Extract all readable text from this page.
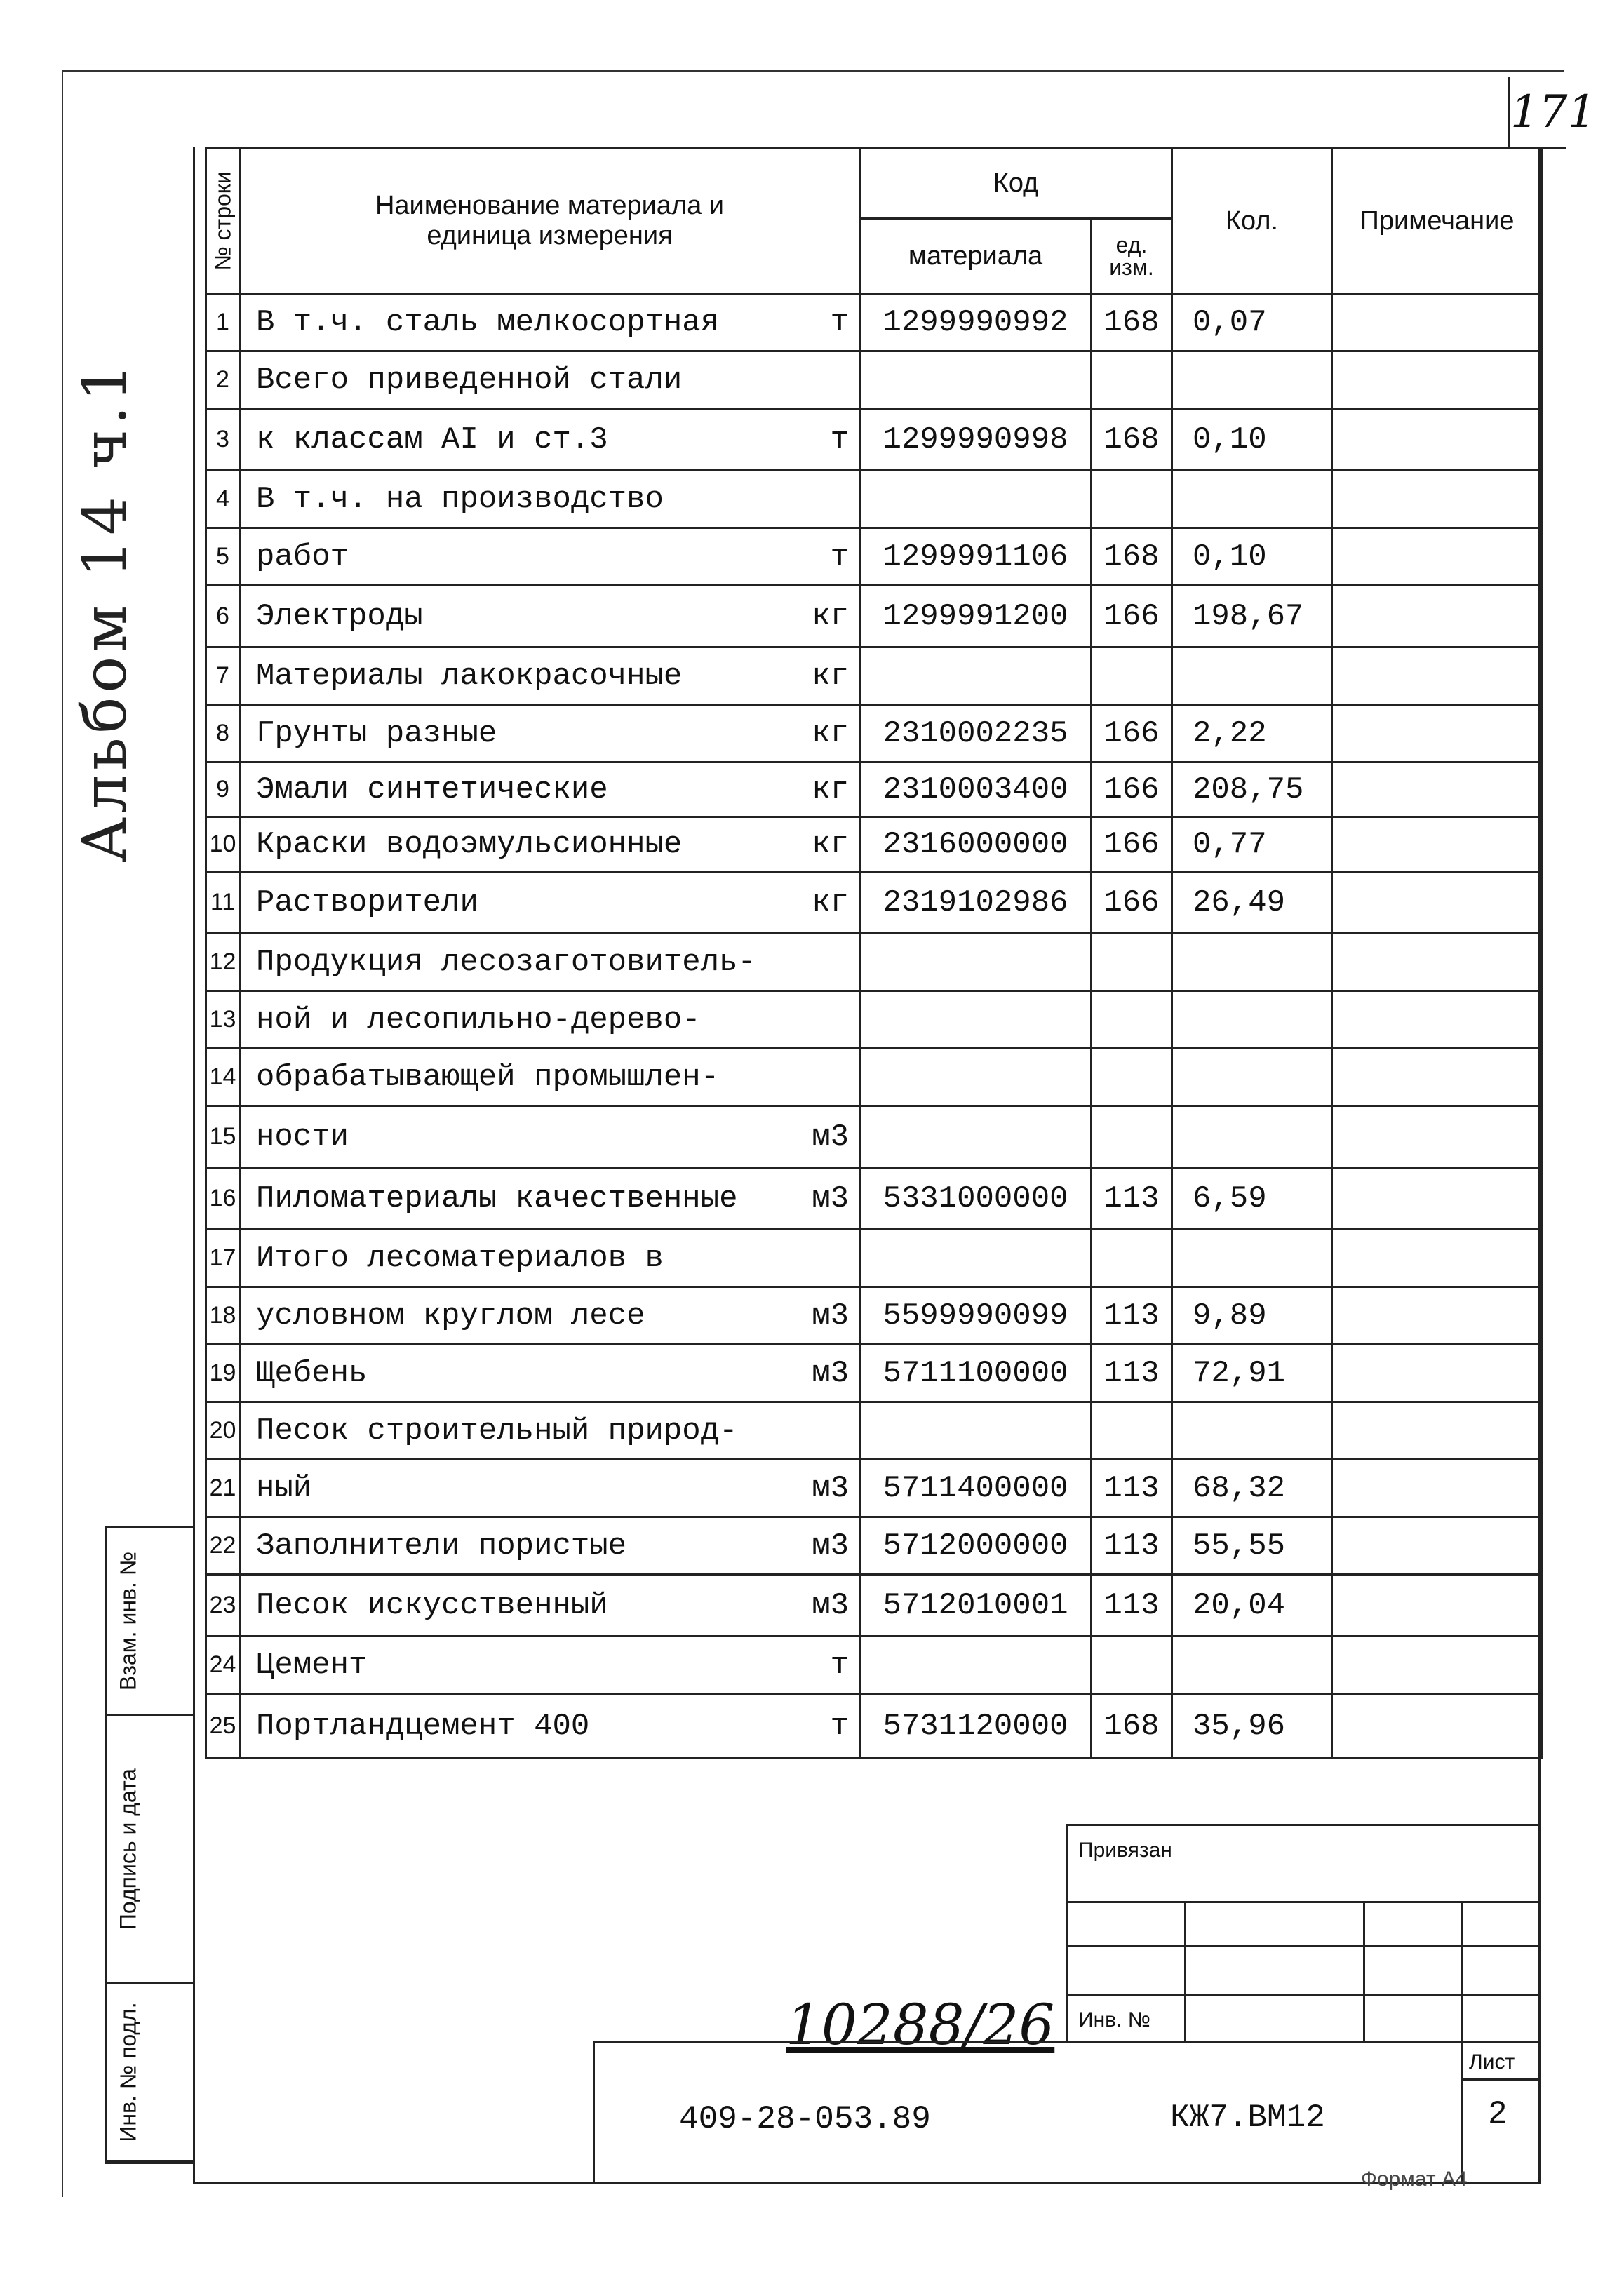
171
Альбом 14 ч.1
№ строки	Наименование материала и единица измерения	Код		Кол.	Примечание
		материала	ед. изм.		
1	В т.ч. сталь мелкосортная т	1299990992	168	0,07	
2	Всего приведенной стали

3	к классам АI и ст.3 т	1299990998	168	0,10	
4	В т.ч. на производство

5	работ т	1299991106	168	0,10	
6	Электроды кг	1299991200	166	198,67	
7	Материалы лакокрасочные кг				

8	Грунты разные кг	2310002235	166	2,22	
9	Эмали синтетические кг	2310003400	166	208,75	
10	Краски водоэмульсионные кг	2316000000	166	0,77	
11	Растворители кг	2319102986	166	26,49	
12	Продукция лесозаготовитель-

13	ной и лесопильно-дерево-

14	обрабатывающей промышлен-

15	ности м3				

16	Пиломатериалы качественные м3	5331000000	113	6,59	
17	Итого лесоматериалов в

18	условном круглом лесе м3	5599990099	113	9,89	
19	Щебень м3	5711100000	113	72,91	
20	Песок строительный природ-

21	ный м3	5711400000	113	68,32	
22	Заполнители пористые м3	5712000000	113	55,55	
23	Песок искусственный м3	5712010001	113	20,04	
24	Цемент т				

25	Портландцемент 400 т	5731120000	168	35,96	
Взам. инв. №
Подпись и дата
Инв. № подл.
Привязан
Инв. №
10288/26
Лист
2
409-28-053.89	КЖ7.ВМ12
Формат А4
